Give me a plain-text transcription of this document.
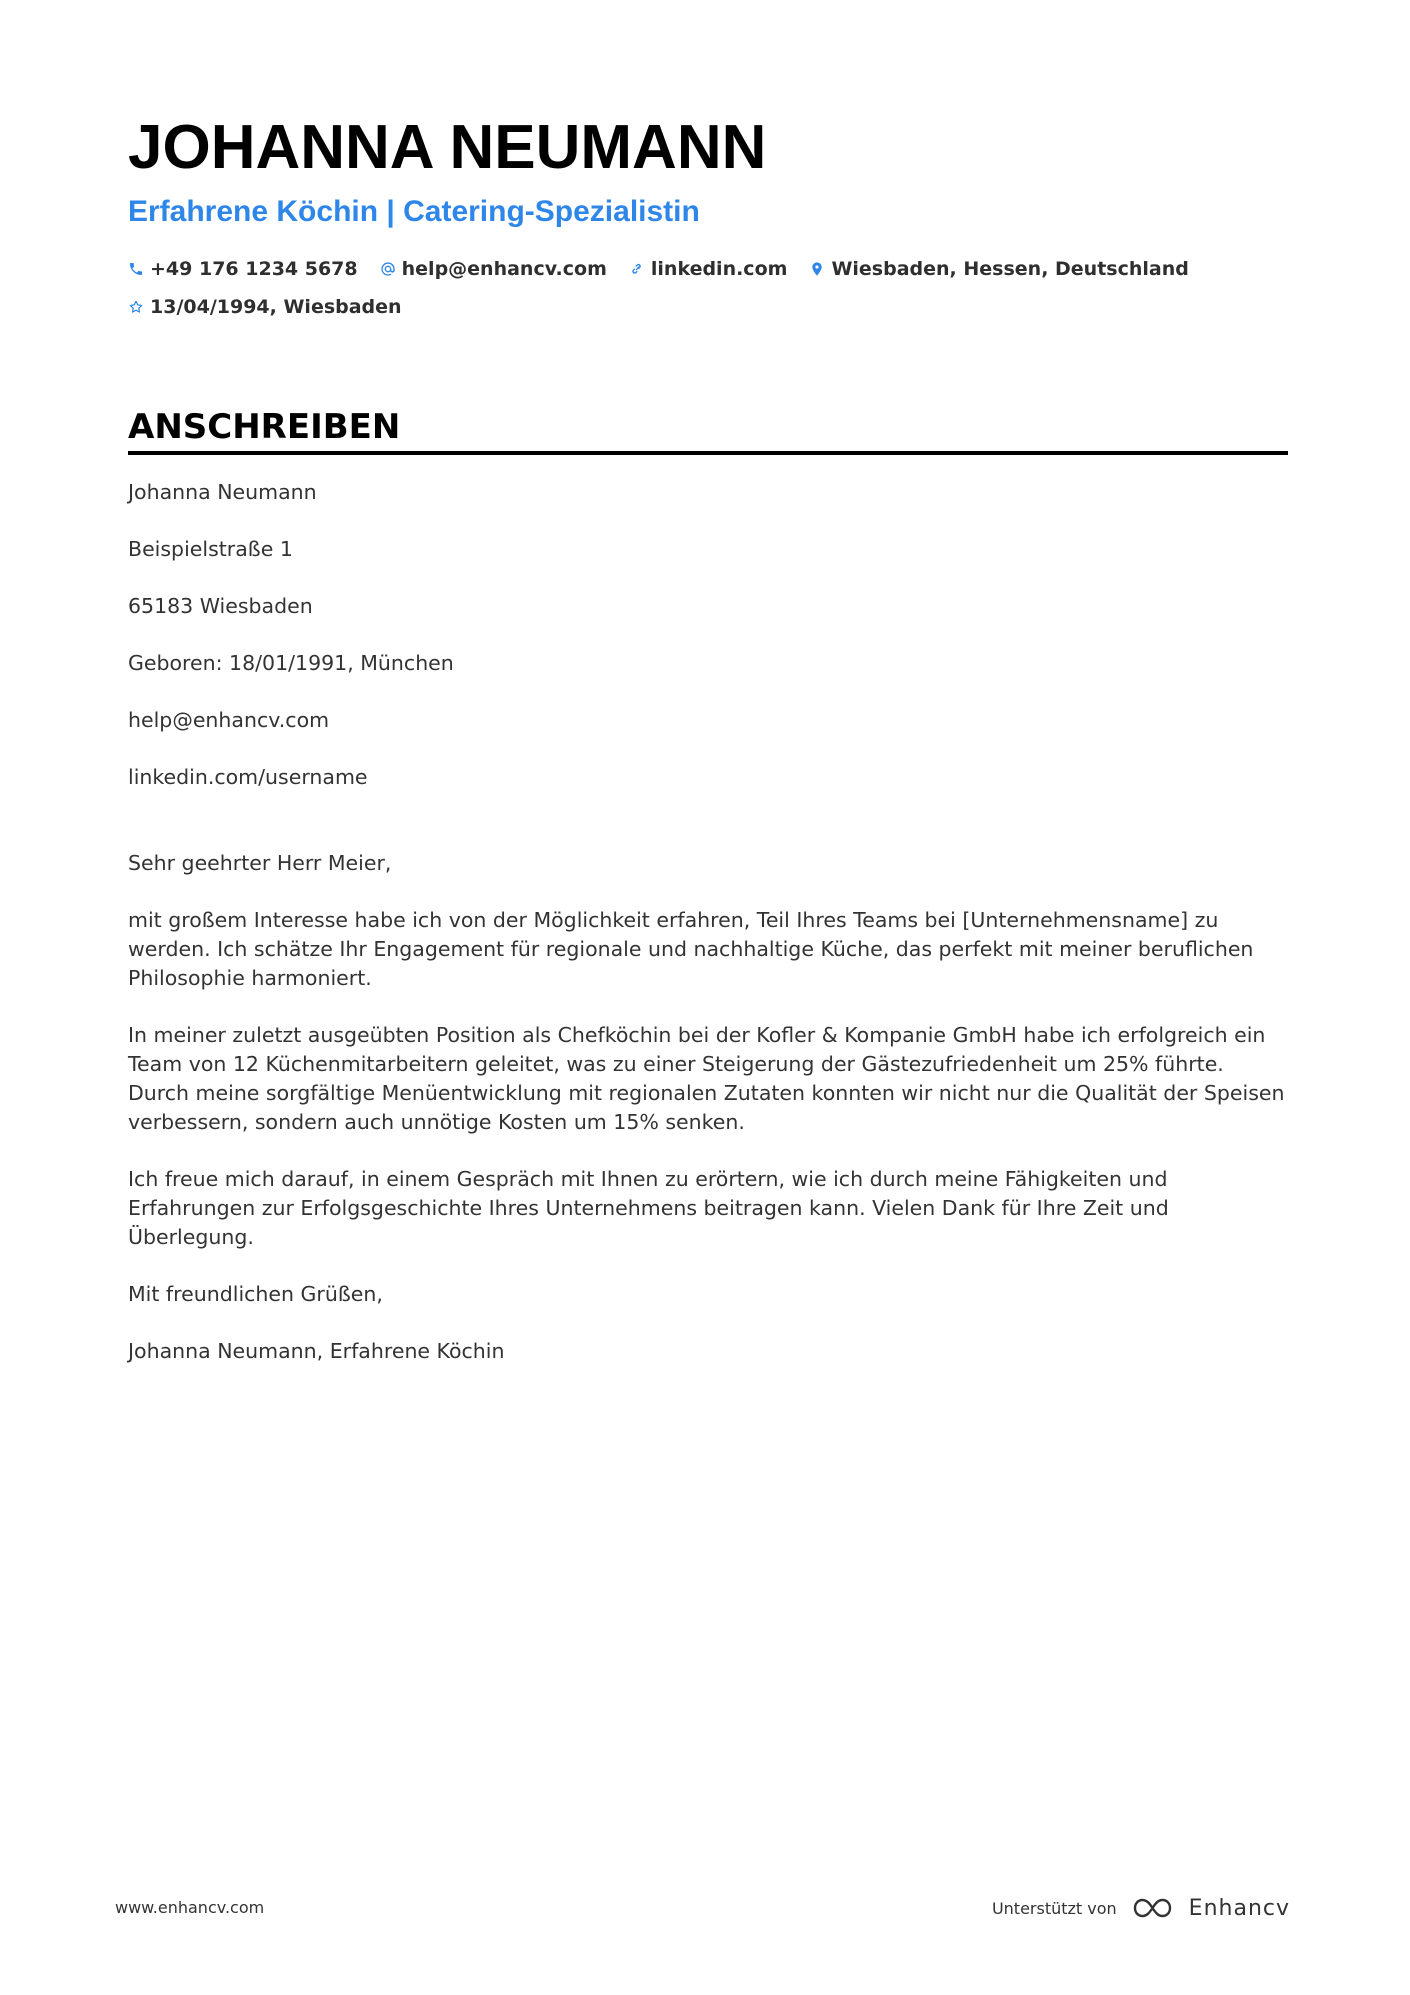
JOHANNA NEUMANN
Erfahrene Köchin | Catering-Spezialistin
+49 176 1234 5678 help@enhancv.com linkedin.com Wiesbaden, Hessen, Deutschland
13/04/1994, Wiesbaden
ANSCHREIBEN

Johanna Neumann

Beispielstraße 1

65183 Wiesbaden

Geboren: 18/01/1991, München

help@enhancv.com

linkedin.com/username

Sehr geehrter Herr Meier,

mit großem Interesse habe ich von der Möglichkeit erfahren, Teil Ihres Teams bei [Unternehmensname] zu werden. Ich schätze Ihr Engagement für regionale und nachhaltige Küche, das perfekt mit meiner beruflichen Philosophie harmoniert.

In meiner zuletzt ausgeübten Position als Chefköchin bei der Kofler & Kompanie GmbH habe ich erfolgreich ein Team von 12 Küchenmitarbeitern geleitet, was zu einer Steigerung der Gästezufriedenheit um 25% führte. Durch meine sorgfältige Menüentwicklung mit regionalen Zutaten konnten wir nicht nur die Qualität der Speisen verbessern, sondern auch unnötige Kosten um 15% senken.

Ich freue mich darauf, in einem Gespräch mit Ihnen zu erörtern, wie ich durch meine Fähigkeiten und Erfahrungen zur Erfolgsgeschichte Ihres Unternehmens beitragen kann. Vielen Dank für Ihre Zeit und Überlegung.

Mit freundlichen Grüßen,

Johanna Neumann, Erfahrene Köchin

www.enhancv.com	Unterstützt von	Enhancv
